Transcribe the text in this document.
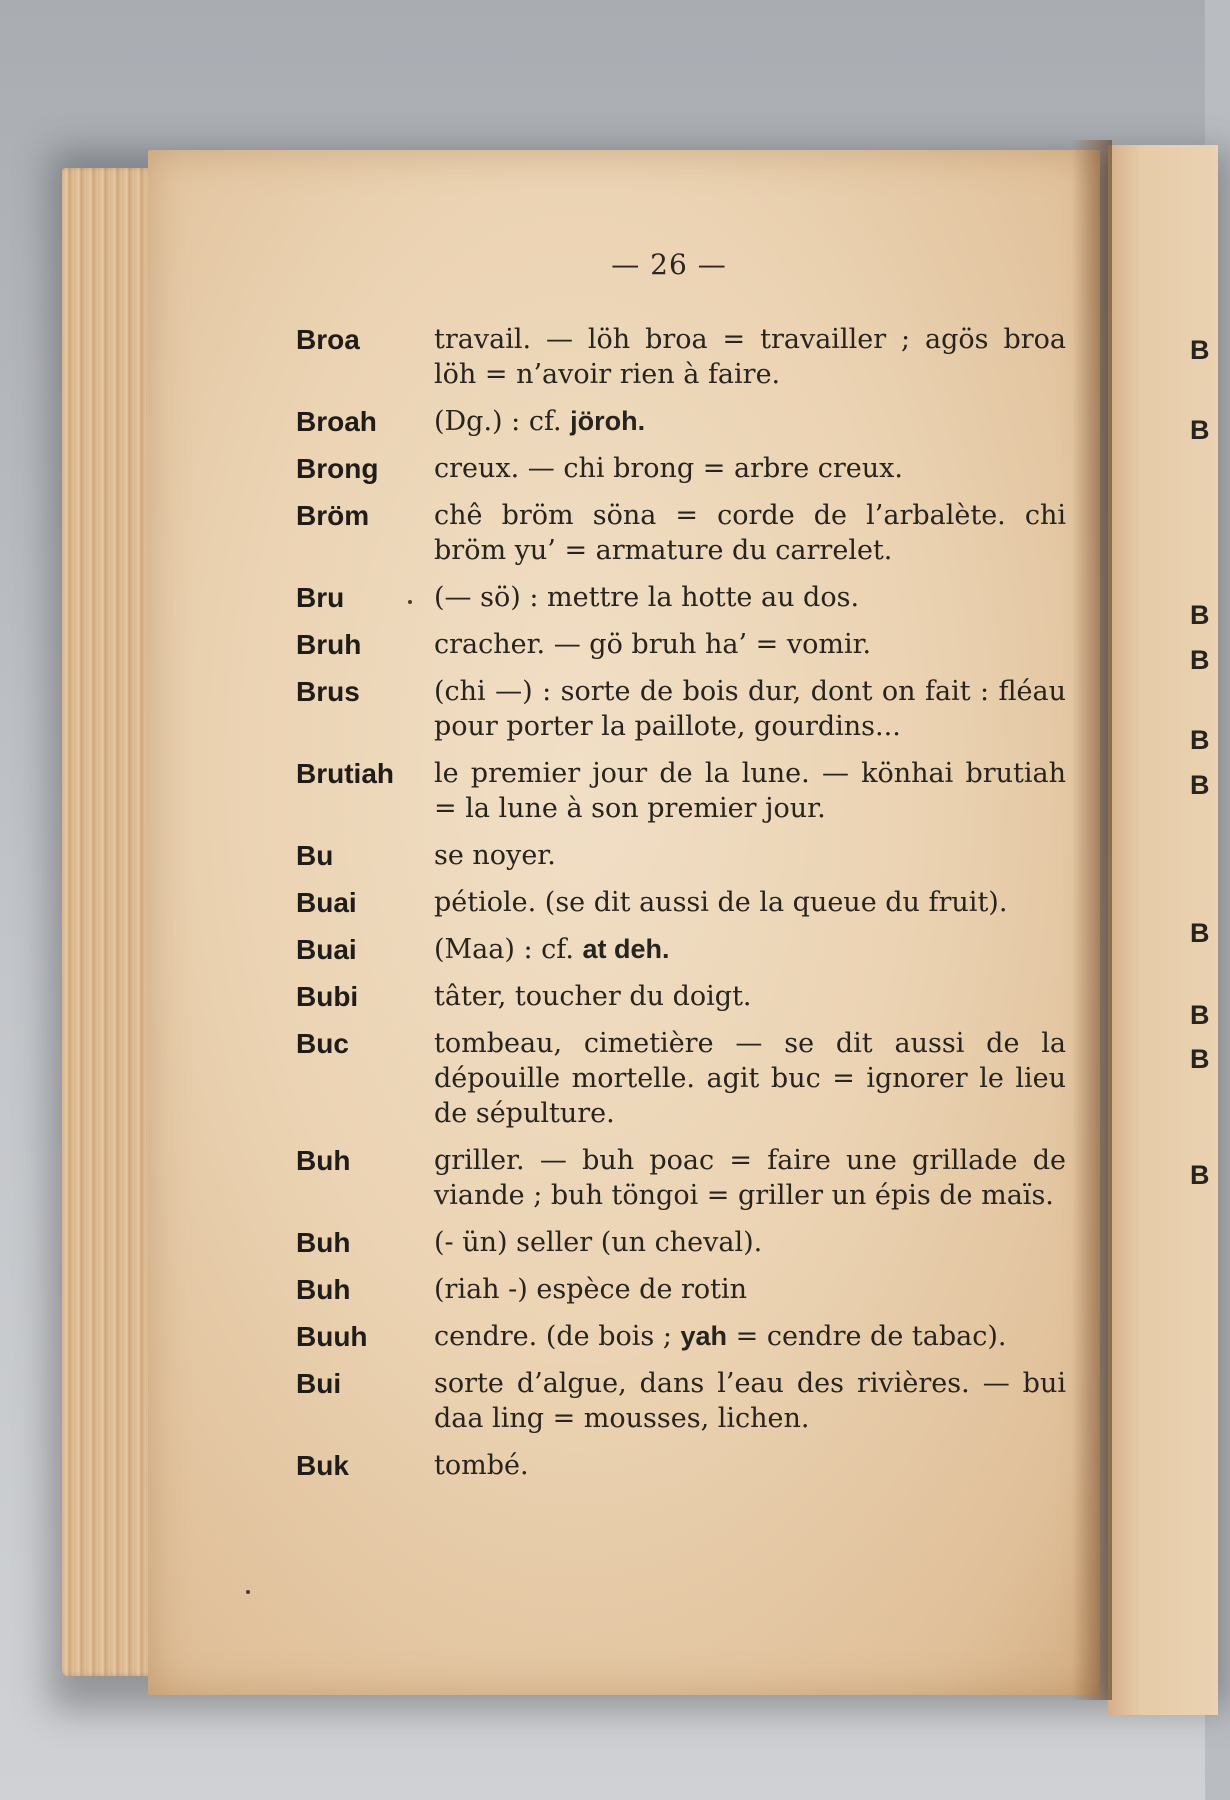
B
B
B
B
B
B
B
B
B
B
— 26 —
Broa	travail. — löh broa = travailler ; agös broa löh = n’avoir rien à faire.
Broah	(Dg.) : cf. jöroh.
Brong	creux. — chi brong = arbre creux.
Bröm	chê bröm söna = corde de l’arbalète. chi bröm yu’ = armature du carrelet.
Bru	(— sö) : mettre la hotte au dos.
Bruh	cracher. — gö bruh ha’ = vomir.
Brus	(chi —) : sorte de bois dur, dont on fait : fléau pour porter la paillote, gourdins...
Brutiah	le premier jour de la lune. — könhai brutiah = la lune à son premier jour.
Bu	se noyer.
Buai	pétiole. (se dit aussi de la queue du fruit).
Buai	(Maa) : cf. at deh.
Bubi	tâter, toucher du doigt.
Buc	tombeau, cimetière — se dit aussi de la dépouille mortelle. agit buc = ignorer le lieu de sépulture.
Buh	griller. — buh poac = faire une grillade de viande ; buh töngoi = griller un épis de maïs.
Buh	(- ün) seller (un cheval).
Buh	(riah -) espèce de rotin
Buuh	cendre. (de bois ; yah = cendre de tabac).
Bui	sorte d’algue, dans l’eau des rivières. — bui daa ling = mousses, lichen.
Buk	tombé.
